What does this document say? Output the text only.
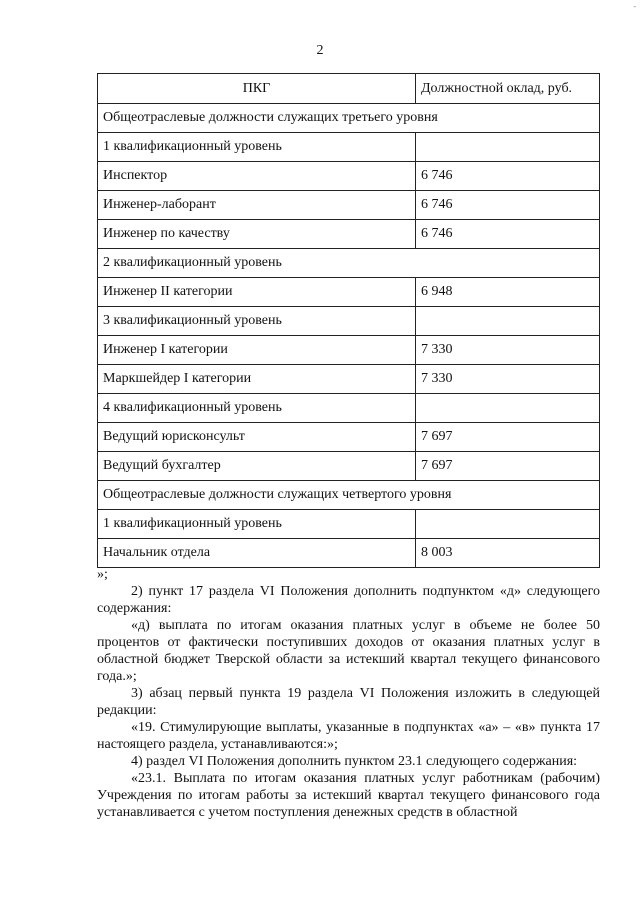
-
2
ПКГ	Должностной оклад, руб.
Общеотраслевые должности служащих третьего уровня	
1 квалификационный уровень	
Инспектор	6 746
Инженер-лаборант	6 746
Инженер по качеству	6 746
2 квалификационный уровень	
Инженер II категории	6 948
3 квалификационный уровень	
Инженер I категории	7 330
Маркшейдер I категории	7 330
4 квалификационный уровень	
Ведущий юрисконсульт	7 697
Ведущий бухгалтер	7 697
Общеотраслевые должности служащих четвертого уровня	
1 квалификационный уровень	
Начальник отдела	8 003

»;

2) пункт 17 раздела VI Положения дополнить подпунктом «д» следующего содержания:

«д) выплата по итогам оказания платных услуг в объеме не более 50 процентов от фактически поступивших доходов от оказания платных услуг в областной бюджет Тверской области за истекший квартал текущего финансового года.»;

3) абзац первый пункта 19 раздела VI Положения изложить в следующей редакции:

«19. Стимулирующие выплаты, указанные в подпунктах «а» – «в» пункта 17 настоящего раздела, устанавливаются:»;

4) раздел VI Положения дополнить пунктом 23.1 следующего содержания:

«23.1. Выплата по итогам оказания платных услуг работникам (рабочим) Учреждения по итогам работы за истекший квартал текущего финансового года устанавливается с учетом поступления денежных средств в областной
